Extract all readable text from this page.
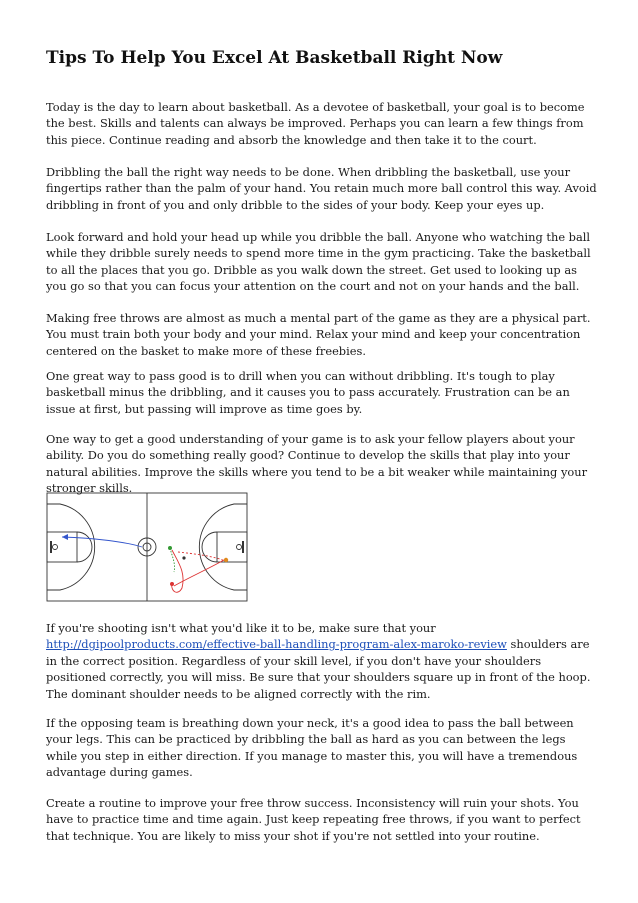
Tips To Help You Excel At Basketball Right Now

Today is the day to learn about basketball. As a devotee of basketball, your goal is to become the best. Skills and talents can always be improved. Perhaps you can learn a few things from this piece. Continue reading and absorb the knowledge and then take it to the court.

Dribbling the ball the right way needs to be done. When dribbling the basketball, use your fingertips rather than the palm of your hand. You retain much more ball control this way. Avoid dribbling in front of you and only dribble to the sides of your body. Keep your eyes up.

Look forward and hold your head up while you dribble the ball. Anyone who watching the ball while they dribble surely needs to spend more time in the gym practicing. Take the basketball to all the places that you go. Dribble as you walk down the street. Get used to looking up as you go so that you can focus your attention on the court and not on your hands and the ball.

Making free throws are almost as much a mental part of the game as they are a physical part. You must train both your body and your mind. Relax your mind and keep your concentration centered on the basket to make more of these freebies.

One great way to pass good is to drill when you can without dribbling. It's tough to play basketball minus the dribbling, and it causes you to pass accurately. Frustration can be an issue at first, but passing will improve as time goes by.

One way to get a good understanding of your game is to ask your fellow players about your ability. Do you do something really good? Continue to develop the skills that play into your natural abilities. Improve the skills where you tend to be a bit weaker while maintaining your stronger skills.

If you're shooting isn't what you'd like it to be, make sure that your http://dgipoolproducts.com/effective-ball-handling-program-alex-maroko-review shoulders are in the correct position. Regardless of your skill level, if you don't have your shoulders positioned correctly, you will miss. Be sure that your shoulders square up in front of the hoop. The dominant shoulder needs to be aligned correctly with the rim.

If the opposing team is breathing down your neck, it's a good idea to pass the ball between your legs. This can be practiced by dribbling the ball as hard as you can between the legs while you step in either direction. If you manage to master this, you will have a tremendous advantage during games.

Create a routine to improve your free throw success. Inconsistency will ruin your shots. You have to practice time and time again. Just keep repeating free throws, if you want to perfect that technique. You are likely to miss your shot if you're not settled into your routine.
